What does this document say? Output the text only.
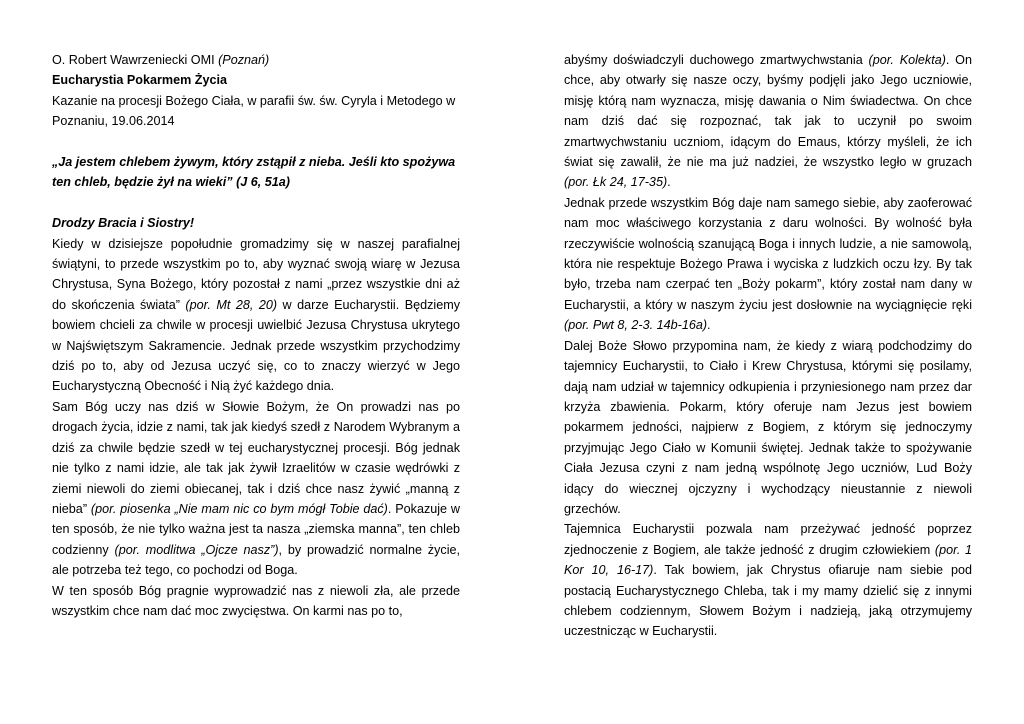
O. Robert Wawrzeniecki OMI (Poznań)

Eucharystia Pokarmem Życia

Kazanie na procesji Bożego Ciała, w parafii św. św. Cyryla i Metodego w Poznaniu, 19.06.2014

„Ja jestem chlebem żywym, który zstąpił z nieba. Jeśli kto spożywa ten chleb, będzie żył na wieki” (J 6, 51a)

Drodzy Bracia i Siostry!

Kiedy w dzisiejsze popołudnie gromadzimy się w naszej parafialnej świątyni, to przede wszystkim po to, aby wyznać swoją wiarę w Jezusa Chrystusa, Syna Bożego, który pozostał z nami „przez wszystkie dni aż do skończenia świata” (por. Mt 28, 20) w darze Eucharystii. Będziemy bowiem chcieli za chwile w procesji uwielbić Jezusa Chrystusa ukrytego w Najświętszym Sakramencie. Jednak przede wszystkim przychodzimy dziś po to, aby od Jezusa uczyć się, co to znaczy wierzyć w Jego Eucharystyczną Obecność i Nią żyć każdego dnia.

Sam Bóg uczy nas dziś w Słowie Bożym, że On prowadzi nas po drogach życia, idzie z nami, tak jak kiedyś szedł z Narodem Wybranym a dziś za chwile będzie szedł w tej eucharystycznej procesji. Bóg jednak nie tylko z nami idzie, ale tak jak żywił Izraelitów w czasie wędrówki z ziemi niewoli do ziemi obiecanej, tak i dziś chce nasz żywić „manną z nieba” (por. piosenka „Nie mam nic co bym mógł Tobie dać). Pokazuje w ten sposób, że nie tylko ważna jest ta nasza „ziemska manna”, ten chleb codzienny (por. modlitwa „Ojcze nasz”), by prowadzić normalne życie, ale potrzeba też tego, co pochodzi od Boga.

W ten sposób Bóg pragnie wyprowadzić nas z niewoli zła, ale przede wszystkim chce nam dać moc zwycięstwa. On karmi nas po to,

abyśmy doświadczyli duchowego zmartwychwstania (por. Kolekta). On chce, aby otwarły się nasze oczy, byśmy podjęli jako Jego uczniowie, misję którą nam wyznacza, misję dawania o Nim świadectwa. On chce nam dziś dać się rozpoznać, tak jak to uczynił po swoim zmartwychwstaniu uczniom, idącym do Emaus, którzy myśleli, że ich świat się zawalił, że nie ma już nadziei, że wszystko legło w gruzach (por. Łk 24, 17-35).

Jednak przede wszystkim Bóg daje nam samego siebie, aby zaoferować nam moc właściwego korzystania z daru wolności. By wolność była rzeczywiście wolnością szanującą Boga i innych ludzie, a nie samowolą, która nie respektuje Bożego Prawa i wyciska z ludzkich oczu łzy. By tak było, trzeba nam czerpać ten „Boży pokarm”, który został nam dany w Eucharystii, a który w naszym życiu jest dosłownie na wyciągnięcie ręki (por. Pwt 8, 2-3. 14b-16a).

Dalej Boże Słowo przypomina nam, że kiedy z wiarą podchodzimy do tajemnicy Eucharystii, to Ciało i Krew Chrystusa, którymi się posilamy, dają nam udział w tajemnicy odkupienia i przyniesionego nam przez dar krzyża zbawienia. Pokarm, który oferuje nam Jezus jest bowiem pokarmem jedności, najpierw z Bogiem, z którym się jednoczymy przyjmując Jego Ciało w Komunii świętej. Jednak także to spożywanie Ciała Jezusa czyni z nam jedną wspólnotę Jego uczniów, Lud Boży idący do wiecznej ojczyzny i wychodzący nieustannie z niewoli grzechów.

Tajemnica Eucharystii pozwala nam przeżywać jedność poprzez zjednoczenie z Bogiem, ale także jedność z drugim człowiekiem (por. 1 Kor 10, 16-17). Tak bowiem, jak Chrystus ofiaruje nam siebie pod postacią Eucharystycznego Chleba, tak i my mamy dzielić się z innymi chlebem codziennym, Słowem Bożym i nadzieją, jaką otrzymujemy uczestnicząc w Eucharystii.
